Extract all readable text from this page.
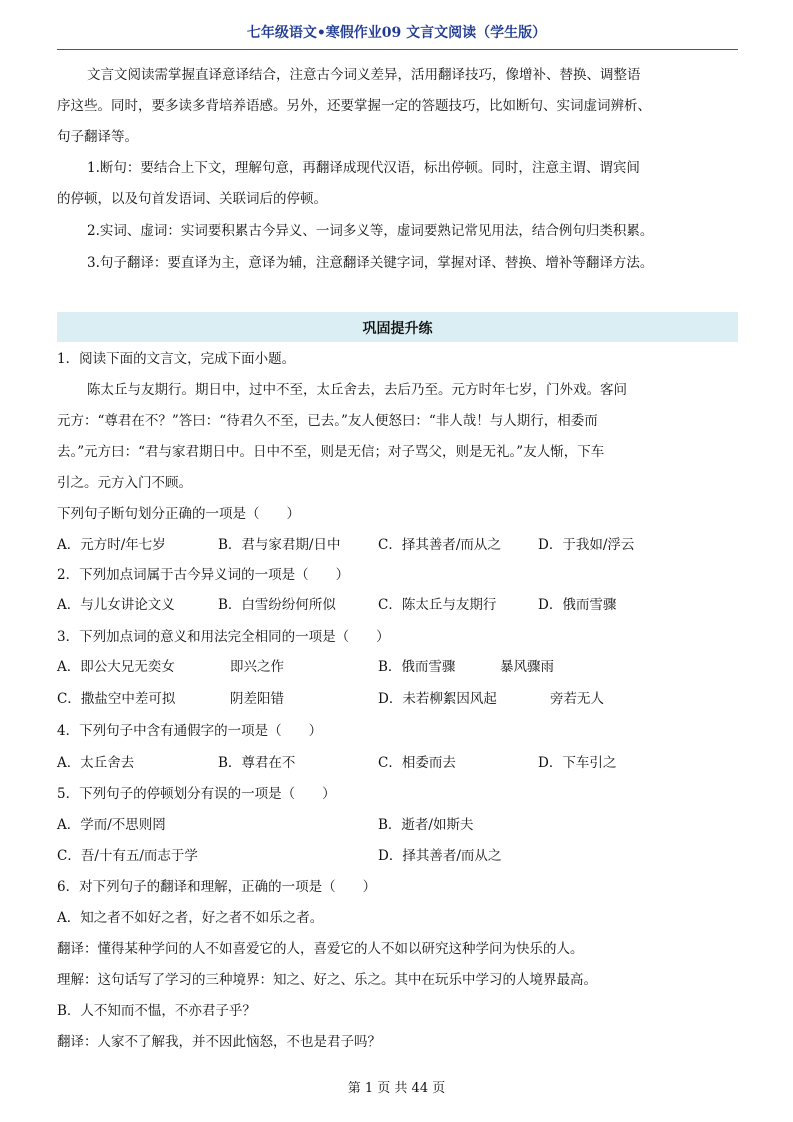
七年级语文•寒假作业09 文言文阅读（学生版）
文言文阅读需掌握直译意译结合，注意古今词义差异，活用翻译技巧，像增补、替换、调整语
序这些。同时，要多读多背培养语感。另外，还要掌握一定的答题技巧，比如断句、实词虚词辨析、
句子翻译等。
1.断句：要结合上下文，理解句意，再翻译成现代汉语，标出停顿。同时，注意主谓、谓宾间
的停顿，以及句首发语词、关联词后的停顿。
2.实词、虚词：实词要积累古今异义、一词多义等，虚词要熟记常见用法，结合例句归类积累。
3.句子翻译：要直译为主，意译为辅，注意翻译关键字词，掌握对译、替换、增补等翻译方法。
巩固提升练
1．阅读下面的文言文，完成下面小题。
陈太丘与友期行。期日中，过中不至，太丘舍去，去后乃至。元方时年七岁，门外戏。客问
元方：“尊君在不？”答曰：“待君久不至，已去。”友人便怒曰：“非人哉！与人期行，相委而
去。”元方曰：“君与家君期日中。日中不至，则是无信；对子骂父，则是无礼。”友人惭，下车
引之。元方入门不顾。
下列句子断句划分正确的一项是（　　）
A．元方时/年七岁	B．君与家君期/日中	C．择其善者/而从之	D．于我如/浮云
2．下列加点词属于古今异义词的一项是（　　）
A．与儿女讲论文义	B．白雪纷纷何所似	C．陈太丘与友期行	D．俄而雪骤
3．下列加点词的意义和用法完全相同的一项是（　　）
A．即公大兄无奕女	即兴之作	B．俄而雪骤	暴风骤雨
C．撒盐空中差可拟	阴差阳错	D．未若柳絮因风起	旁若无人
4．下列句子中含有通假字的一项是（　　）
A．太丘舍去	B．尊君在不	C．相委而去	D．下车引之
5．下列句子的停顿划分有误的一项是（　　）
A．学而/不思则罔	B．逝者/如斯夫
C．吾/十有五/而志于学	D．择其善者/而从之
6．对下列句子的翻译和理解，正确的一项是（　　）
A．知之者不如好之者，好之者不如乐之者。
翻译：懂得某种学问的人不如喜爱它的人，喜爱它的人不如以研究这种学问为快乐的人。
理解：这句话写了学习的三种境界：知之、好之、乐之。其中在玩乐中学习的人境界最高。
B．人不知而不愠，不亦君子乎？
翻译：人家不了解我，并不因此恼怒，不也是君子吗？
第 1 页 共 44 页
